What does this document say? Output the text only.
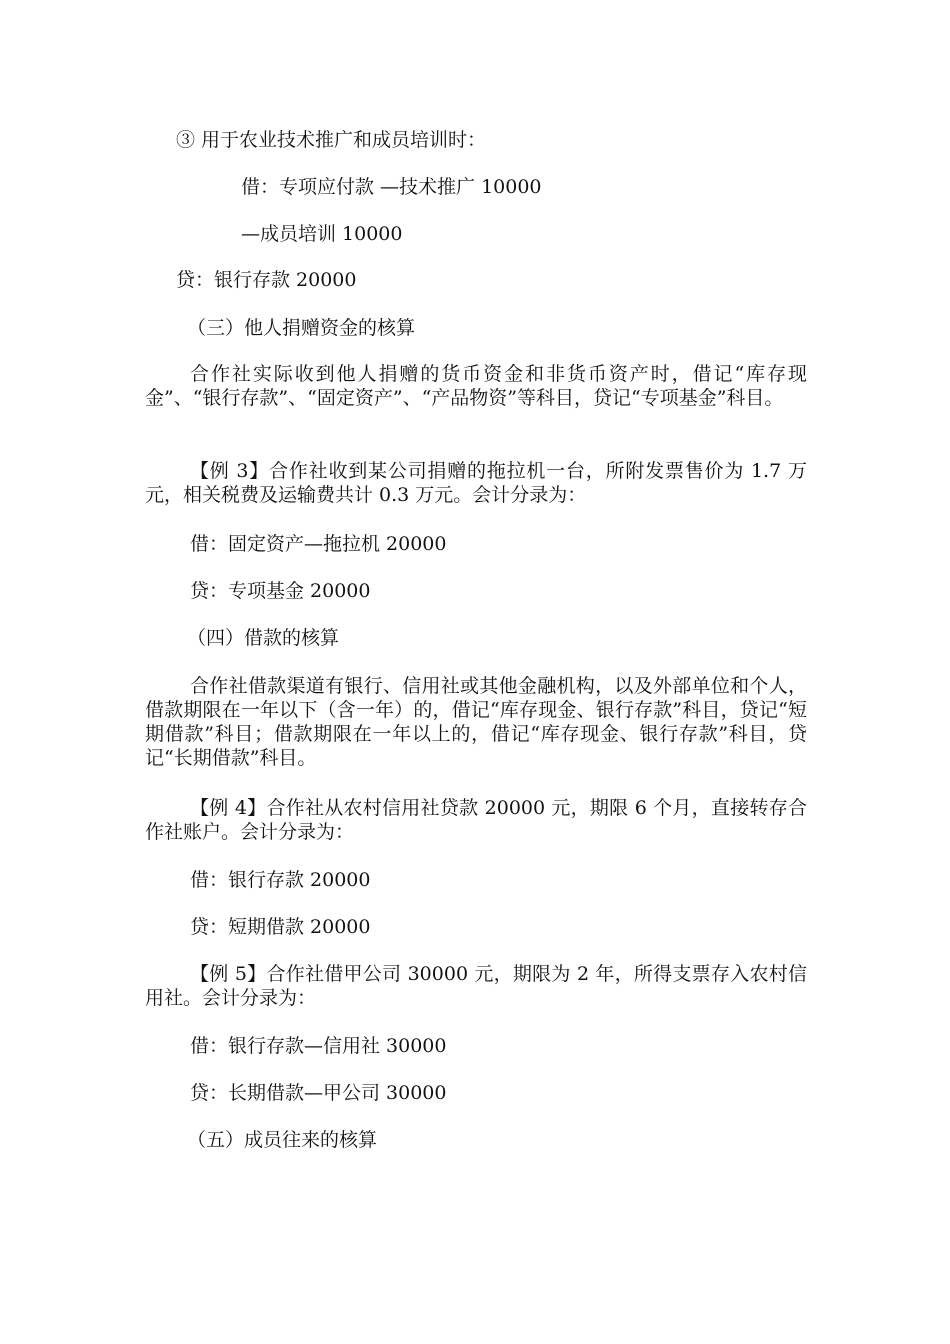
③ 用于农业技术推广和成员培训时：
借：专项应付款 —技术推广 10000
—成员培训 10000
贷：银行存款 20000
（三）他人捐赠资金的核算
合作社实际收到他人捐赠的货币资金和非货币资产时，借记“库存现金”、“银行存款”、“固定资产”、“产品物资”等科目，贷记“专项基金”科目。
【例 3】合作社收到某公司捐赠的拖拉机一台，所附发票售价为 1.7 万元，相关税费及运输费共计 0.3 万元。会计分录为：
借：固定资产—拖拉机 20000
贷：专项基金 20000
（四）借款的核算
合作社借款渠道有银行、信用社或其他金融机构，以及外部单位和个人，借款期限在一年以下（含一年）的，借记“库存现金、银行存款”科目，贷记“短期借款”科目；借款期限在一年以上的，借记“库存现金、银行存款”科目，贷记“长期借款”科目。
【例 4】合作社从农村信用社贷款 20000 元，期限 6 个月，直接转存合作社账户。会计分录为：
借：银行存款 20000
贷：短期借款 20000
【例 5】合作社借甲公司 30000 元，期限为 2 年，所得支票存入农村信用社。会计分录为：
借：银行存款—信用社 30000
贷：长期借款—甲公司 30000
（五）成员往来的核算
